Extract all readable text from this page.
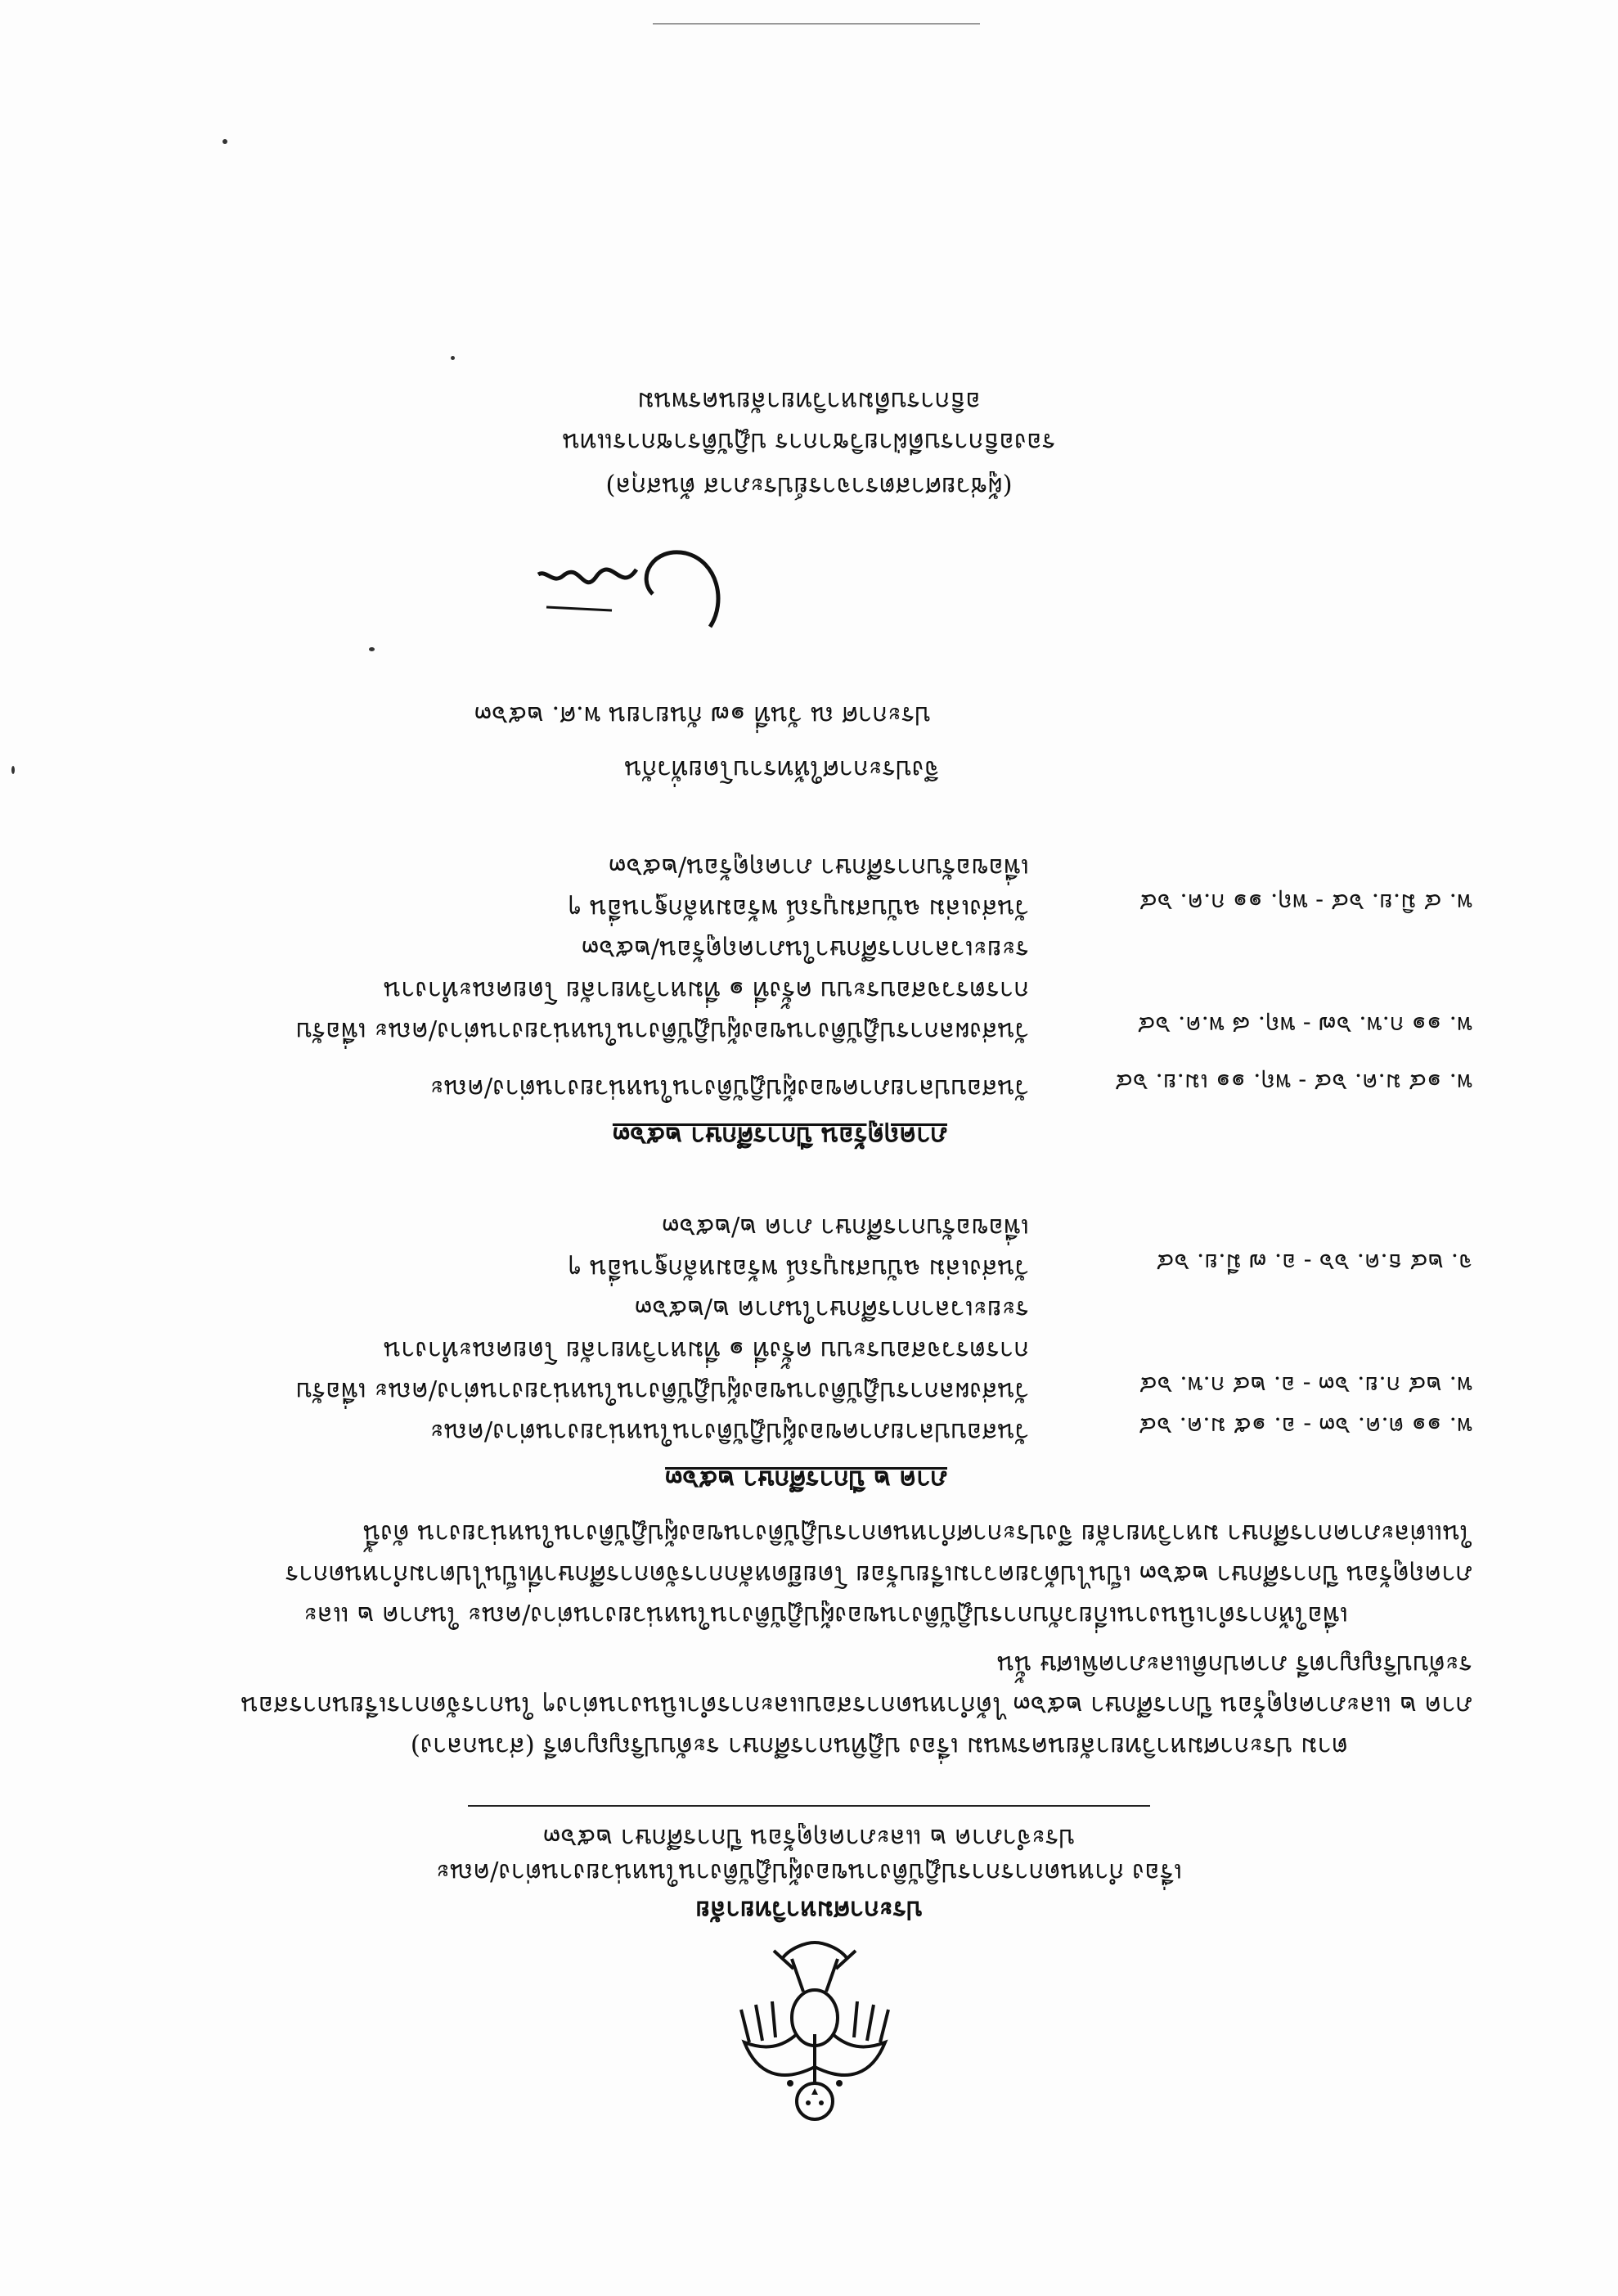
ประกาศมหาวิทยาลัย
เรื่อง กำหนดการการปฏิบัติงานของผู้ปฏิบัติงานในหน่วยงานต่าง/คณะ
ประจำภาค ๒ และภาคฤดูร้อน ปีการศึกษา ๒๕๖๓
ตาม ประกาศมหาวิทยาลัยนครพนม เรื่อง ปฏิทินการศึกษา ระดับปริญญาตรี (ส่วนกลาง)
ภาค ๒ และภาคฤดูร้อน ปีการศึกษา ๒๕๖๓ ได้กำหนดการสอบและการดำเนินงานต่างๆ ในการจัดการเรียนการสอน
ระดับปริญญาตรี ภาคปกติและภาคพิเศษ นั้น
เพื่อให้การดำเนินงานเกี่ยวกับการปฏิบัติงานของผู้ปฏิบัติงานในหน่วยงานต่าง/คณะ ในภาค ๒ และ
ภาคฤดูร้อน ปีการศึกษา ๒๕๖๓ เป็นไปด้วยความเรียบร้อย โดยยึดหลักการจัดการศึกษาที่เป็นไปตามกำหนดการ
ในแต่ละภาคการศึกษา มหาวิทยาลัย จึงประกาศกำหนดการปฏิบัติงานของผู้ปฏิบัติงานในหน่วยงาน ดังนี้
ภาค ๒ ปีการศึกษา ๒๕๖๓
พ. ๑๑ ต.ค. ๖๓ - อ. ๑๕ ม.ค. ๖๔
วันสอบปลายภาคของผู้ปฏิบัติงานในหน่วยงานต่าง/คณะ
พ. ๒๔ ก.ย. ๖๓ - อ. ๒๔ ก.พ. ๖๔
วันส่งผลการปฏิบัติงานของผู้ปฏิบัติงานในหน่วยงานต่าง/คณะ เพื่อรับ
การตรวจสอบระบบ ครั้งที่ ๑ ที่มหาวิทยาลัย โดยคณะทำงาน
ระยะเวลาการศึกษาในภาค ๒/๒๕๖๓
จ. ๒๔ ธ.ค. ๖๖ - อ. ๗ มี.ย. ๖๔
วันส่งเล่ม ฉบับสมบูรณ์ พร้อมหลักฐานอื่น ๆ
เพื่อขอรับการศึกษา ภาค ๒/๒๕๖๓
ภาคฤดูร้อน ปีการศึกษา ๒๕๖๓
พ. ๑๔ ม.ค. ๖๔ - พฤ. ๑๑ เม.ย. ๖๔
วันสอบปลายภาคของผู้ปฏิบัติงานในหน่วยงานต่าง/คณะ
พ. ๑๑ ก.พ. ๖๗ - พฤ. ๘ พ.ค. ๖๔
วันส่งผลการปฏิบัติงานของผู้ปฏิบัติงานในหน่วยงานต่าง/คณะ เพื่อรับ
การตรวจสอบระบบ ครั้งที่ ๑ ที่มหาวิทยาลัย โดยคณะทำงาน
ระยะเวลาการศึกษาในภาคฤดูร้อน/๒๕๖๓
พ. ๔ มิ.ย. ๖๔ - พฤ. ๑๑ ก.ค. ๖๔
วันส่งเล่ม ฉบับสมบูรณ์ พร้อมหลักฐานอื่น ๆ
เพื่อขอรับการศึกษา ภาคฤดูร้อน/๒๕๖๓
จึงประกาศให้ทราบโดยทั่วกัน
ประกาศ ณ วันที่ ๑๗ กันยายน พ.ศ. ๒๕๖๓
(ผู้ช่วยศาสตราจารย์ประภาส ต้นสกุล)
รองอธิการบดีฝ่ายวิชาการ ปฏิบัติราชการแทน
อธิการบดีมหาวิทยาลัยนครพนม
